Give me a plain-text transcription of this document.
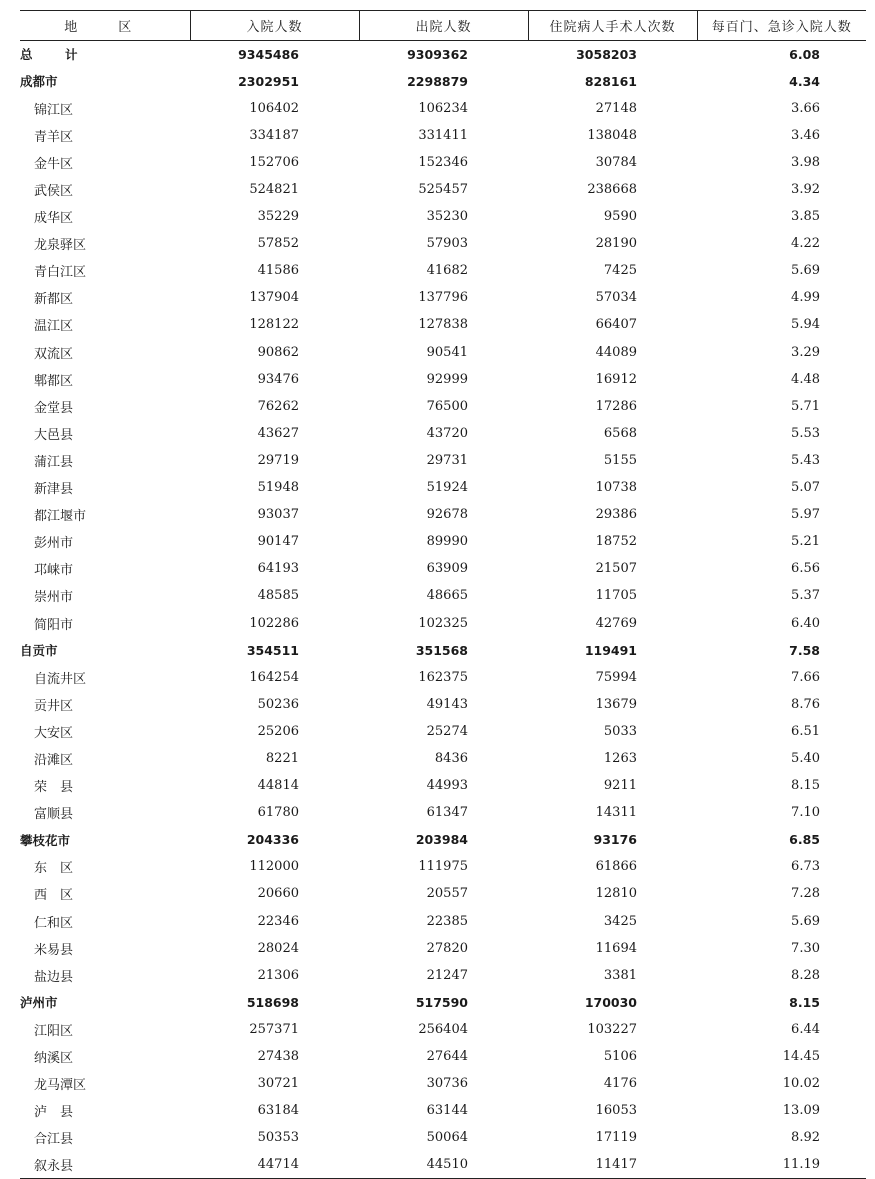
地　区	入院人数	出院人数	住院病人手术人次数	每百门、急诊入院人数
总　计	9345486	9309362	3058203	6.08
成都市	2302951	2298879	828161	4.34
锦江区	106402	106234	27148	3.66
青羊区	334187	331411	138048	3.46
金牛区	152706	152346	30784	3.98
武侯区	524821	525457	238668	3.92
成华区	35229	35230	9590	3.85
龙泉驿区	57852	57903	28190	4.22
青白江区	41586	41682	7425	5.69
新都区	137904	137796	57034	4.99
温江区	128122	127838	66407	5.94
双流区	90862	90541	44089	3.29
郫都区	93476	92999	16912	4.48
金堂县	76262	76500	17286	5.71
大邑县	43627	43720	6568	5.53
蒲江县	29719	29731	5155	5.43
新津县	51948	51924	10738	5.07
都江堰市	93037	92678	29386	5.97
彭州市	90147	89990	18752	5.21
邛崃市	64193	63909	21507	6.56
崇州市	48585	48665	11705	5.37
简阳市	102286	102325	42769	6.40
自贡市	354511	351568	119491	7.58
自流井区	164254	162375	75994	7.66
贡井区	50236	49143	13679	8.76
大安区	25206	25274	5033	6.51
沿滩区	8221	8436	1263	5.40
荣　县	44814	44993	9211	8.15
富顺县	61780	61347	14311	7.10
攀枝花市	204336	203984	93176	6.85
东　区	112000	111975	61866	6.73
西　区	20660	20557	12810	7.28
仁和区	22346	22385	3425	5.69
米易县	28024	27820	11694	7.30
盐边县	21306	21247	3381	8.28
泸州市	518698	517590	170030	8.15
江阳区	257371	256404	103227	6.44
纳溪区	27438	27644	5106	14.45
龙马潭区	30721	30736	4176	10.02
泸　县	63184	63144	16053	13.09
合江县	50353	50064	17119	8.92
叙永县	44714	44510	11417	11.19
